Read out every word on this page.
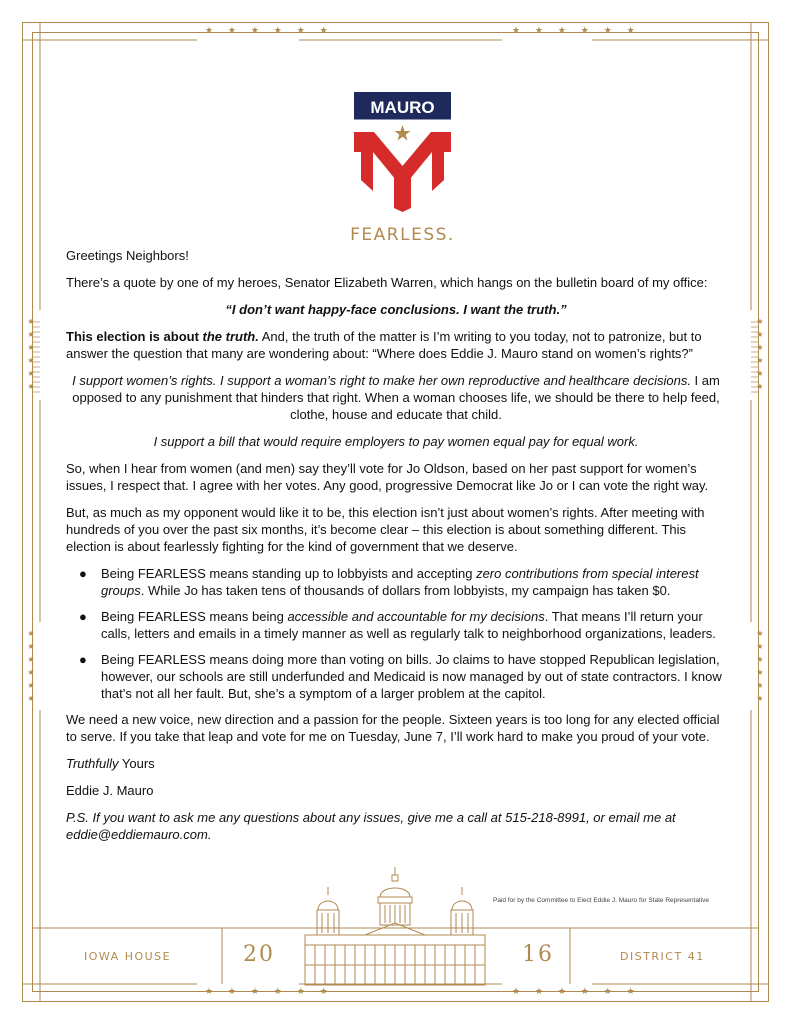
★ ★ ★ ★ ★ ★	★ ★ ★ ★ ★ ★
★ ★ ★ ★ ★ ★	★ ★ ★ ★ ★ ★
★
★
★
★
★
★
★
★
★
★
★
★
★
★
★
★
★
★
★
★
★
★
★
★
MAURO
FEARLESS.

Greetings Neighbors!

There’s a quote by one of my heroes, Senator Elizabeth Warren, which hangs on the bulletin board of my office:

“I don’t want happy-face conclusions. I want the truth.”

This election is about the truth. And, the truth of the matter is I’m writing to you today, not to patronize, but to answer the question that many are wondering about: “Where does Eddie J. Mauro stand on women’s rights?”

I support women’s rights. I support a woman’s right to make her own reproductive and healthcare decisions. I am opposed to any punishment that hinders that right. When a woman chooses life, we should be there to help feed, clothe, house and educate that child.

I support a bill that would require employers to pay women equal pay for equal work.

So, when I hear from women (and men) say they’ll vote for Jo Oldson, based on her past support for women’s issues, I respect that. I agree with her votes. Any good, progressive Democrat like Jo or I can vote the right way.

But, as much as my opponent would like it to be, this election isn’t just about women’s rights. After meeting with hundreds of you over the past six months, it’s become clear – this election is about something different. This election is about fearlessly fighting for the kind of government that we deserve.

● Being FEARLESS means standing up to lobbyists and accepting zero contributions from special interest groups. While Jo has taken tens of thousands of dollars from lobbyists, my campaign has taken $0.
● Being FEARLESS means being accessible and accountable for my decisions. That means I’ll return your calls, letters and emails in a timely manner as well as regularly talk to neighborhood organizations, leaders.
● Being FEARLESS means doing more than voting on bills. Jo claims to have stopped Republican legislation, however, our schools are still underfunded and Medicaid is now managed by out of state contractors. I know that’s not all her fault. But, she’s a symptom of a larger problem at the capitol.

We need a new voice, new direction and a passion for the people. Sixteen years is too long for any elected official to serve. If you take that leap and vote for me on Tuesday, June 7, I’ll work hard to make you proud of your vote.

Truthfully Yours

Eddie J. Mauro

P.S. If you want to ask me any questions about any issues, give me a call at 515-218-8991, or email me at eddie@eddiemauro.com.

Paid for by the Committee to Elect Eddie J. Mauro for State Representative
IOWA HOUSE	20	16	DISTRICT 41
